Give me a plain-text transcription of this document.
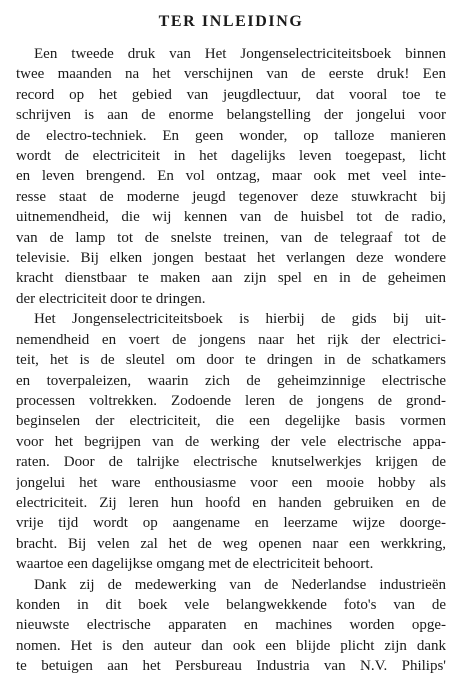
TER INLEIDING
Een tweede druk van Het Jongenselectriciteitsboek binnen
twee maanden na het verschijnen van de eerste druk! Een
record op het gebied van jeugdlectuur, dat vooral toe te
schrijven is aan de enorme belangstelling der jongelui voor
de electro-techniek. En geen wonder, op talloze manieren
wordt de electriciteit in het dagelijks leven toegepast, licht
en leven brengend. En vol ontzag, maar ook met veel inte-
resse staat de moderne jeugd tegenover deze stuwkracht bij
uitnemendheid, die wij kennen van de huisbel tot de radio,
van de lamp tot de snelste treinen, van de telegraaf tot de
televisie. Bij elken jongen bestaat het verlangen deze wondere
kracht dienstbaar te maken aan zijn spel en in de geheimen
der electriciteit door te dringen.
Het Jongenselectriciteitsboek is hierbij de gids bij uit-
nemendheid en voert de jongens naar het rijk der electrici-
teit, het is de sleutel om door te dringen in de schatkamers
en toverpaleizen, waarin zich de geheimzinnige electrische
processen voltrekken. Zodoende leren de jongens de grond-
beginselen der electriciteit, die een degelijke basis vormen
voor het begrijpen van de werking der vele electrische appa-
raten. Door de talrijke electrische knutselwerkjes krijgen de
jongelui het ware enthousiasme voor een mooie hobby als
electriciteit. Zij leren hun hoofd en handen gebruiken en de
vrije tijd wordt op aangename en leerzame wijze doorge-
bracht. Bij velen zal het de weg openen naar een werkkring,
waartoe een dagelijkse omgang met de electriciteit behoort.
Dank zij de medewerking van de Nederlandse industrieën
konden in dit boek vele belangwekkende foto's van de
nieuwste electrische apparaten en machines worden opge-
nomen. Het is den auteur dan ook een blijde plicht zijn dank
te betuigen aan het Persbureau Industria van N.V. Philips'
